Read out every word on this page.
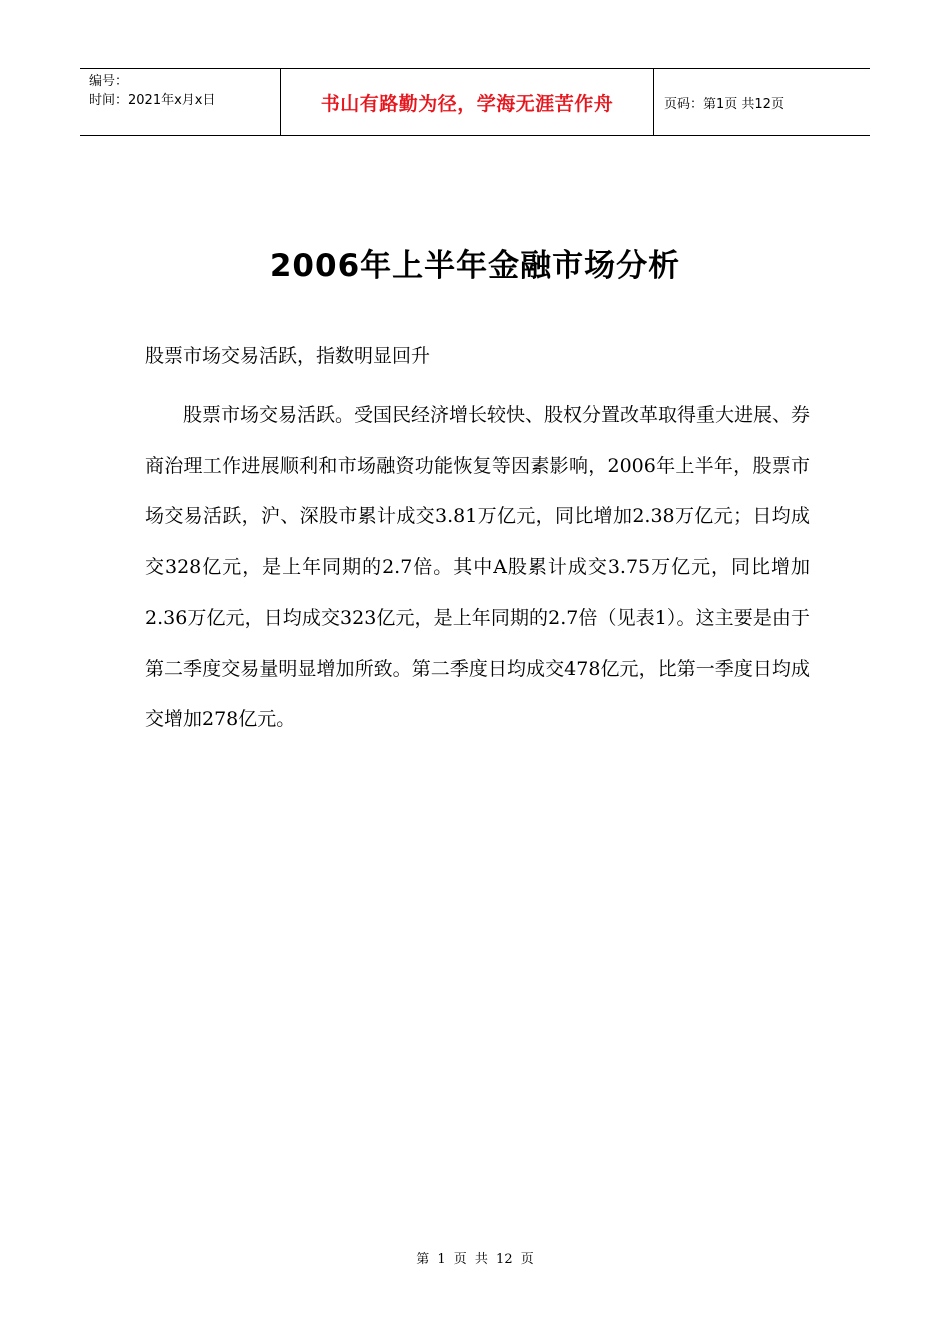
编号：
时间：2021年x月x日	书山有路勤为径，学海无涯苦作舟	页码：第1页 共12页
2006年上半年金融市场分析
股票市场交易活跃，指数明显回升
股票市场交易活跃。受国民经济增长较快、股权分置改革取得重大进展、券商治理工作进展顺利和市场融资功能恢复等因素影响，2006年上半年，股票市场交易活跃，沪、深股市累计成交3.81万亿元，同比增加2.38万亿元；日均成交328亿元，是上年同期的2.7倍。其中A股累计成交3.75万亿元，同比增加2.36万亿元，日均成交323亿元，是上年同期的2.7倍（见表1）。这主要是由于第二季度交易量明显增加所致。第二季度日均成交478亿元，比第一季度日均成交增加278亿元。
第 1 页 共 12 页
